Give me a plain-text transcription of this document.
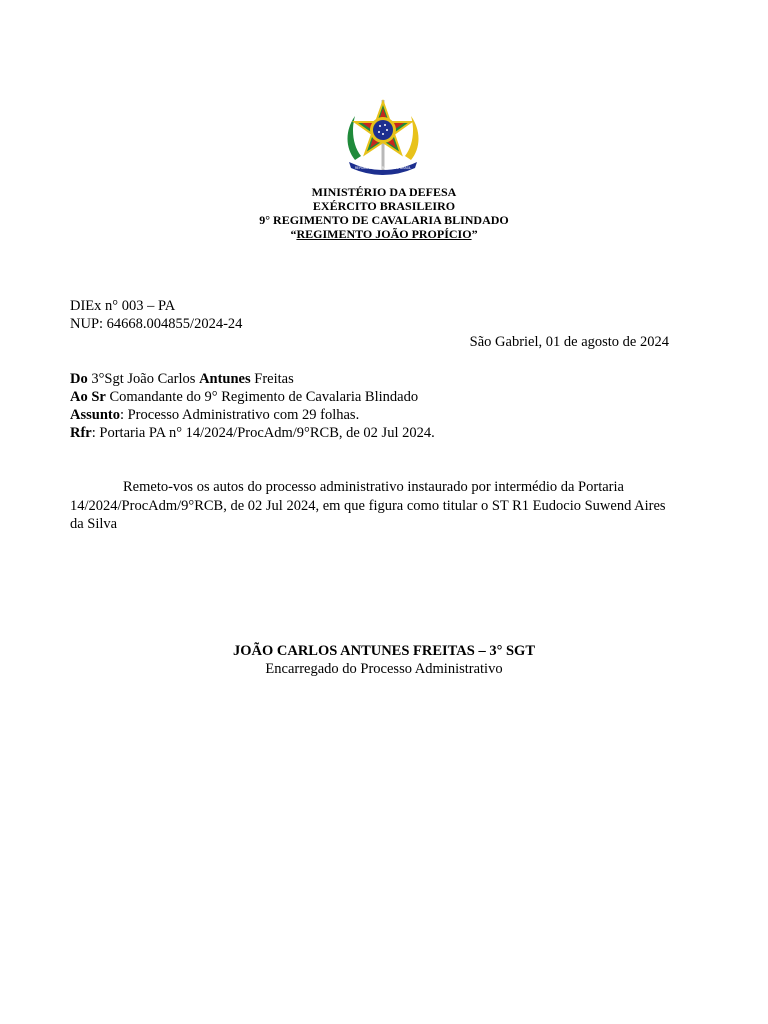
REPUBLICA FEDERATIVA DO BRASIL
MINISTÉRIO DA DEFESA
EXÉRCITO BRASILEIRO
9° REGIMENTO DE CAVALARIA BLINDADO
“REGIMENTO JOÃO PROPÍCIO”
DIEx n° 003 – PA
NUP: 64668.004855/2024-24
São Gabriel, 01 de agosto de 2024
Do 3°Sgt João Carlos Antunes Freitas
Ao Sr Comandante do 9° Regimento de Cavalaria Blindado
Assunto: Processo Administrativo com 29 folhas.
Rfr: Portaria PA n° 14/2024/ProcAdm/9°RCB, de 02 Jul 2024.
Remeto-vos os autos do processo administrativo instaurado por intermédio da Portaria 14/2024/ProcAdm/9°RCB, de 02 Jul 2024, em que figura como titular o ST R1 Eudocio Suwend Aires da Silva
JOÃO CARLOS ANTUNES FREITAS – 3° SGT
Encarregado do Processo Administrativo
